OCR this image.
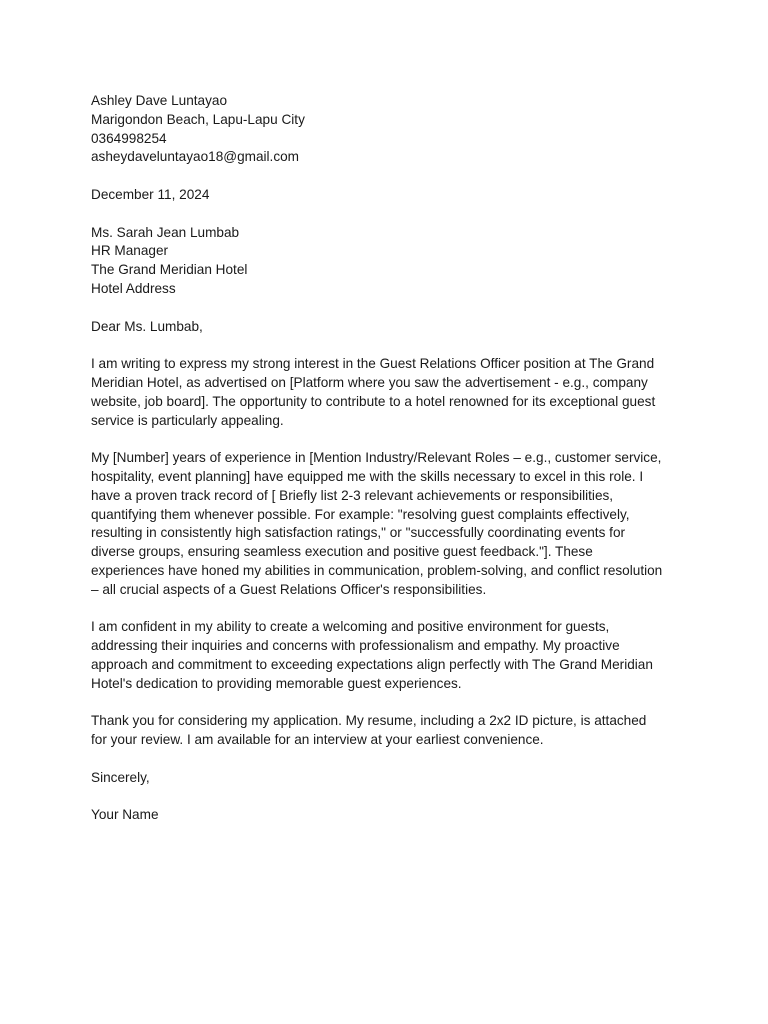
Ashley Dave Luntayao
Marigondon Beach, Lapu-Lapu City
0364998254
asheydaveluntayao18@gmail.com
December 11, 2024
Ms. Sarah Jean Lumbab
HR Manager
The Grand Meridian Hotel
Hotel Address
Dear Ms. Lumbab,
I am writing to express my strong interest in the Guest Relations Officer position at The Grand
Meridian Hotel, as advertised on [Platform where you saw the advertisement - e.g., company
website, job board]. The opportunity to contribute to a hotel renowned for its exceptional guest
service is particularly appealing.
My [Number] years of experience in [Mention Industry/Relevant Roles – e.g., customer service,
hospitality, event planning] have equipped me with the skills necessary to excel in this role. I
have a proven track record of [ Briefly list 2-3 relevant achievements or responsibilities,
quantifying them whenever possible. For example: "resolving guest complaints effectively,
resulting in consistently high satisfaction ratings," or "successfully coordinating events for
diverse groups, ensuring seamless execution and positive guest feedback."]. These
experiences have honed my abilities in communication, problem-solving, and conflict resolution
– all crucial aspects of a Guest Relations Officer's responsibilities.
I am confident in my ability to create a welcoming and positive environment for guests,
addressing their inquiries and concerns with professionalism and empathy. My proactive
approach and commitment to exceeding expectations align perfectly with The Grand Meridian
Hotel's dedication to providing memorable guest experiences.
Thank you for considering my application. My resume, including a 2x2 ID picture, is attached
for your review. I am available for an interview at your earliest convenience.
Sincerely,
Your Name
